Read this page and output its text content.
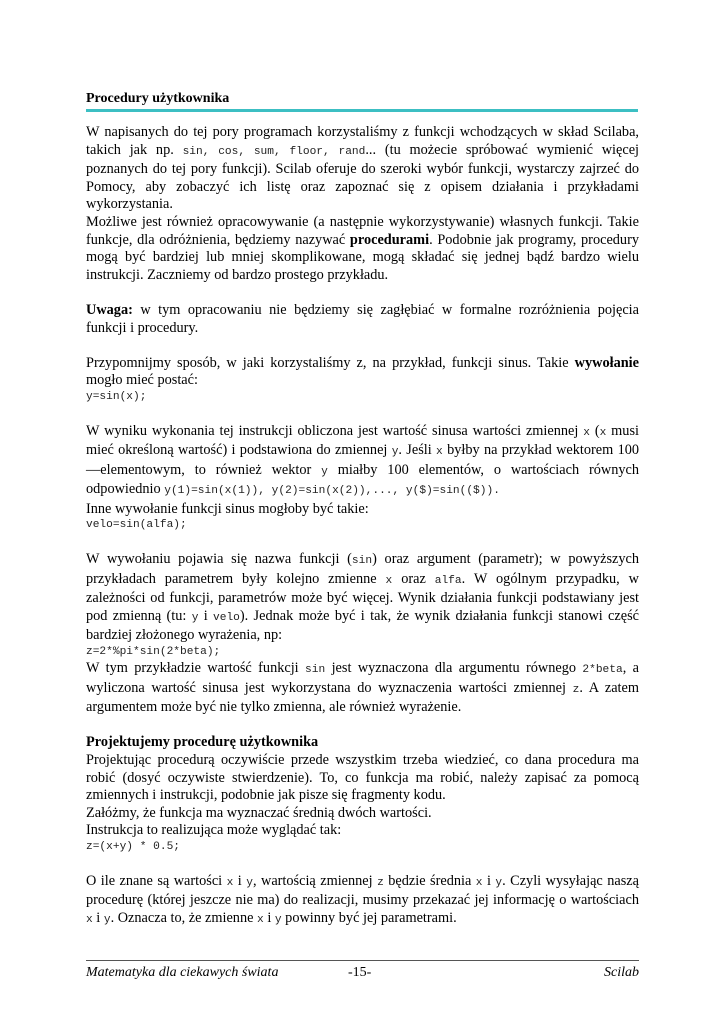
Procedury użytkownika

W napisanych do tej pory programach korzystaliśmy z funkcji wchodzących w skład Scilaba, takich jak np. sin, cos, sum, floor, rand... (tu możecie spróbować wymienić więcej poznanych do tej pory funkcji). Scilab oferuje do szeroki wybór funkcji, wystarczy zajrzeć do Pomocy, aby zobaczyć ich listę oraz zapoznać się z opisem działania i przykładami wykorzystania.

Możliwe jest również opracowywanie (a następnie wykorzystywanie) własnych funkcji. Takie funkcje, dla odróżnienia, będziemy nazywać procedurami. Podobnie jak programy, procedury mogą być bardziej lub mniej skomplikowane, mogą składać się jednej bądź bardzo wielu instrukcji. Zaczniemy od bardzo prostego przykładu.

Uwaga: w tym opracowaniu nie będziemy się zagłębiać w formalne rozróżnienia pojęcia funkcji i procedury.

Przypomnijmy sposób, w jaki korzystaliśmy z, na przykład, funkcji sinus. Takie wywołanie mogło mieć postać:

y=sin(x);

W wyniku wykonania tej instrukcji obliczona jest wartość sinusa wartości zmiennej x (x musi mieć określoną wartość) i podstawiona do zmiennej y. Jeśli x byłby na przykład wektorem 100—elementowym, to również wektor y miałby 100 elementów, o wartościach równych odpowiednio y(1)=sin(x(1)), y(2)=sin(x(2)),..., y($)=sin(($)).

Inne wywołanie funkcji sinus mogłoby być takie:

velo=sin(alfa);

W wywołaniu pojawia się nazwa funkcji (sin) oraz argument (parametr); w powyższych przykładach parametrem były kolejno zmienne x oraz alfa. W ogólnym przypadku, w zależności od funkcji, parametrów może być więcej. Wynik działania funkcji podstawiany jest pod zmienną (tu: y i velo). Jednak może być i tak, że wynik działania funkcji stanowi część bardziej złożonego wyrażenia, np:

z=2*%pi*sin(2*beta);

W tym przykładzie wartość funkcji sin jest wyznaczona dla argumentu równego 2*beta, a wyliczona wartość sinusa jest wykorzystana do wyznaczenia wartości zmiennej z. A zatem argumentem może być nie tylko zmienna, ale również wyrażenie.

Projektujemy procedurę użytkownika

Projektując procedurą oczywiście przede wszystkim trzeba wiedzieć, co dana procedura ma robić (dosyć oczywiste stwierdzenie). To, co funkcja ma robić, należy zapisać za pomocą zmiennych i instrukcji, podobnie jak pisze się fragmenty kodu.

Załóżmy, że funkcja ma wyznaczać średnią dwóch wartości.

Instrukcja to realizująca może wyglądać tak:

z=(x+y) * 0.5;

O ile znane są wartości x i y, wartością zmiennej z będzie średnia x i y. Czyli wysyłając naszą procedurę (której jeszcze nie ma) do realizacji, musimy przekazać jej informację o wartościach x i y. Oznacza to, że zmienne x i y powinny być jej parametrami.

Matematyka dla ciekawych świata	-15-	Scilab
